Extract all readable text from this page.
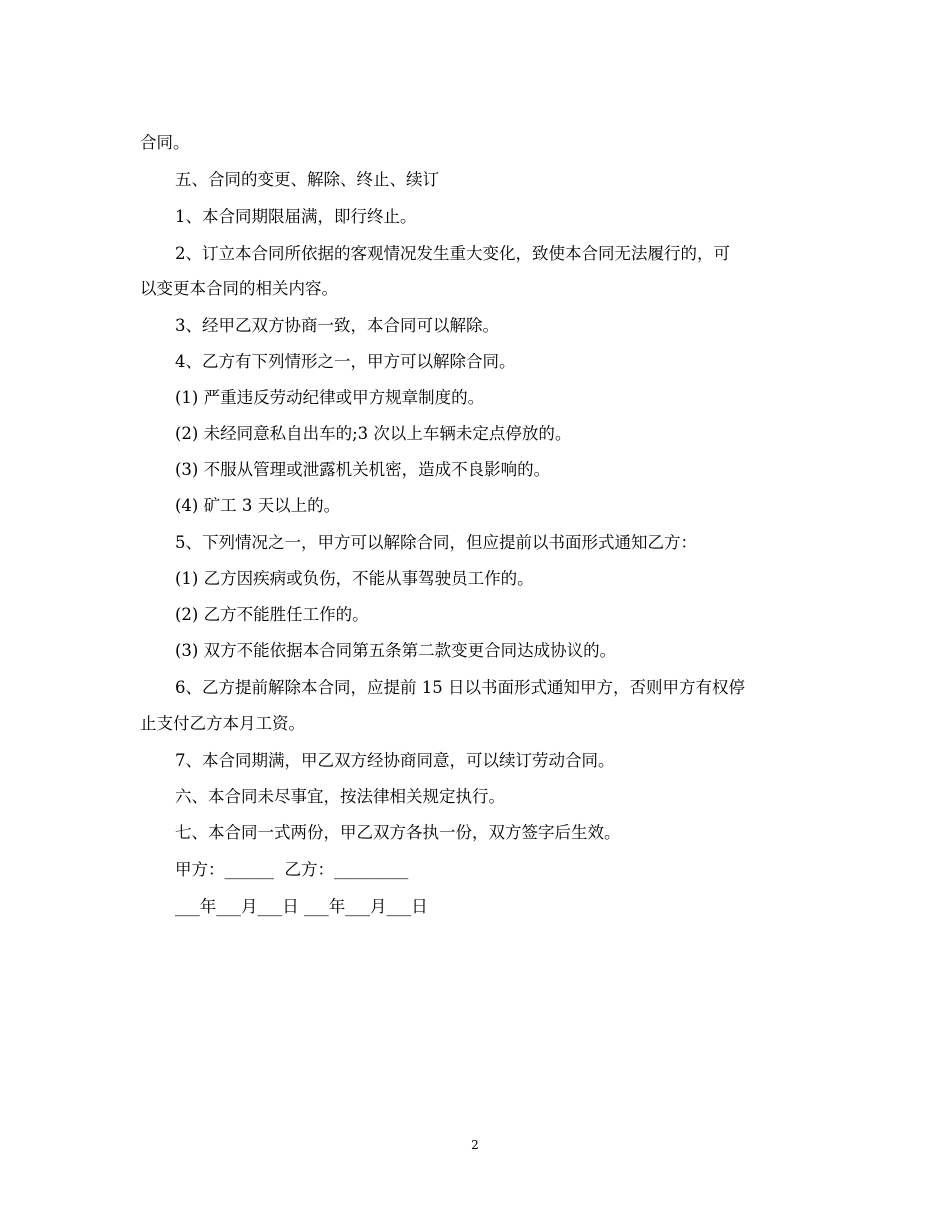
合同。
五、合同的变更、解除、终止、续订
1、本合同期限届满，即行终止。
2、订立本合同所依据的客观情况发生重大变化，致使本合同无法履行的，可
以变更本合同的相关内容。
3、经甲乙双方协商一致，本合同可以解除。
4、乙方有下列情形之一，甲方可以解除合同。
(1) 严重违反劳动纪律或甲方规章制度的。
(2) 未经同意私自出车的;3 次以上车辆未定点停放的。
(3) 不服从管理或泄露机关机密，造成不良影响的。
(4) 矿工 3 天以上的。
5、下列情况之一，甲方可以解除合同，但应提前以书面形式通知乙方：
(1) 乙方因疾病或负伤，不能从事驾驶员工作的。
(2) 乙方不能胜任工作的。
(3) 双方不能依据本合同第五条第二款变更合同达成协议的。
6、乙方提前解除本合同，应提前 15 日以书面形式通知甲方，否则甲方有权停
止支付乙方本月工资。
7、本合同期满，甲乙双方经协商同意，可以续订劳动合同。
六、本合同未尽事宜，按法律相关规定执行。
七、本合同一式两份，甲乙双方各执一份，双方签字后生效。
甲方：______  乙方：_________
___年___月___日 ___年___月___日
2
